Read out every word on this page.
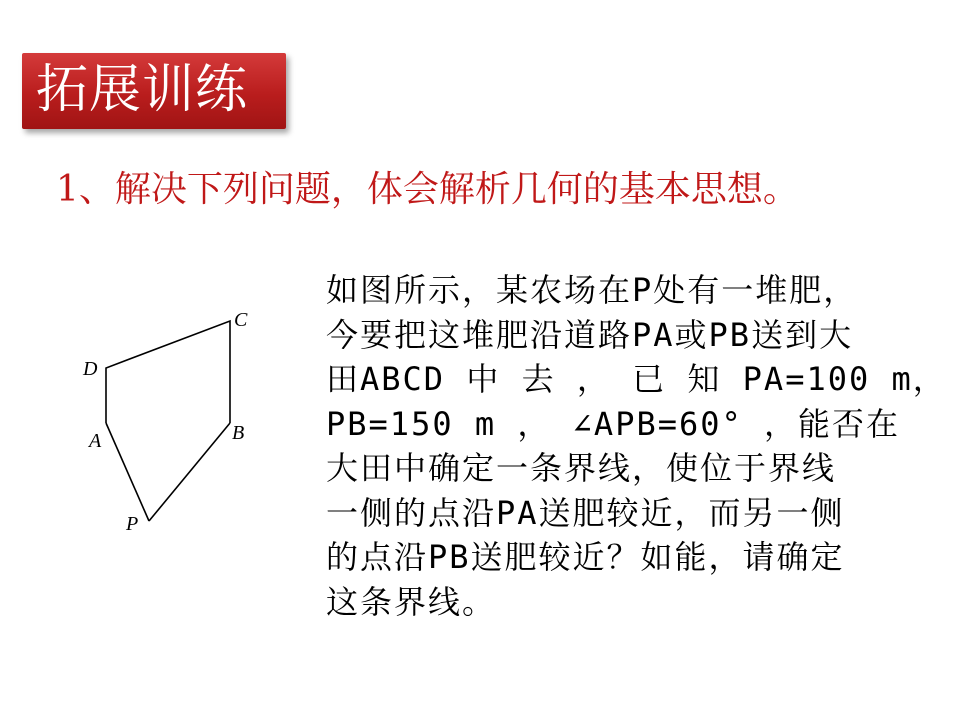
拓展训练
1、解决下列问题，体会解析几何的基本思想。
C
D
A	B
P

如图所示，某农场在P处有一堆肥，
今要把这堆肥沿道路PA或PB送到大
田ABCD 中 去 ， 已 知 PA=100 m，
PB=150 m ， ∠APB=60° ，能否在
大田中确定一条界线，使位于界线
一侧的点沿PA送肥较近，而另一侧
的点沿PB送肥较近？如能，请确定
这条界线。
